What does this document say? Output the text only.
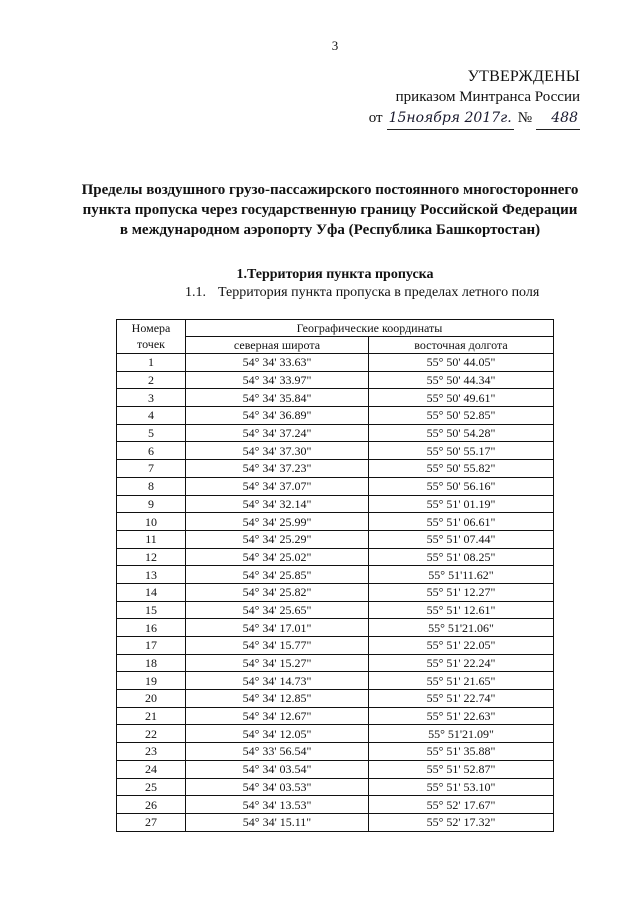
3
УТВЕРЖДЕНЫ
приказом Минтранса России
от 15ноября 2017г. №	488
Пределы воздушного грузо-пассажирского постоянного многостороннего
пункта пропуска через государственную границу Российской Федерации
в международном аэропорту Уфа (Республика Башкортостан)
1.Территория пункта пропуска
1.1. Территория пункта пропуска в пределах летного поля
Номера
точек	Географические координаты	
	северная широта	восточная долгота
1	54° 34' 33.63"	55° 50' 44.05"
2	54° 34' 33.97"	55° 50' 44.34"
3	54° 34' 35.84"	55° 50' 49.61"
4	54° 34' 36.89"	55° 50' 52.85"
5	54° 34' 37.24"	55° 50' 54.28"
6	54° 34' 37.30"	55° 50' 55.17"
7	54° 34' 37.23"	55° 50' 55.82"
8	54° 34' 37.07"	55° 50' 56.16"
9	54° 34' 32.14"	55° 51' 01.19"
10	54° 34' 25.99"	55° 51' 06.61"
11	54° 34' 25.29"	55° 51' 07.44"
12	54° 34' 25.02"	55° 51' 08.25"
13	54° 34' 25.85"	55° 51'11.62"
14	54° 34' 25.82"	55° 51' 12.27"
15	54° 34' 25.65"	55° 51' 12.61"
16	54° 34' 17.01"	55° 51'21.06"
17	54° 34' 15.77"	55° 51' 22.05"
18	54° 34' 15.27"	55° 51' 22.24"
19	54° 34' 14.73"	55° 51' 21.65"
20	54° 34' 12.85"	55° 51' 22.74"
21	54° 34' 12.67"	55° 51' 22.63"
22	54° 34' 12.05"	55° 51'21.09"
23	54° 33' 56.54"	55° 51' 35.88"
24	54° 34' 03.54"	55° 51' 52.87"
25	54° 34' 03.53"	55° 51' 53.10"
26	54° 34' 13.53"	55° 52' 17.67"
27	54° 34' 15.11"	55° 52' 17.32"
